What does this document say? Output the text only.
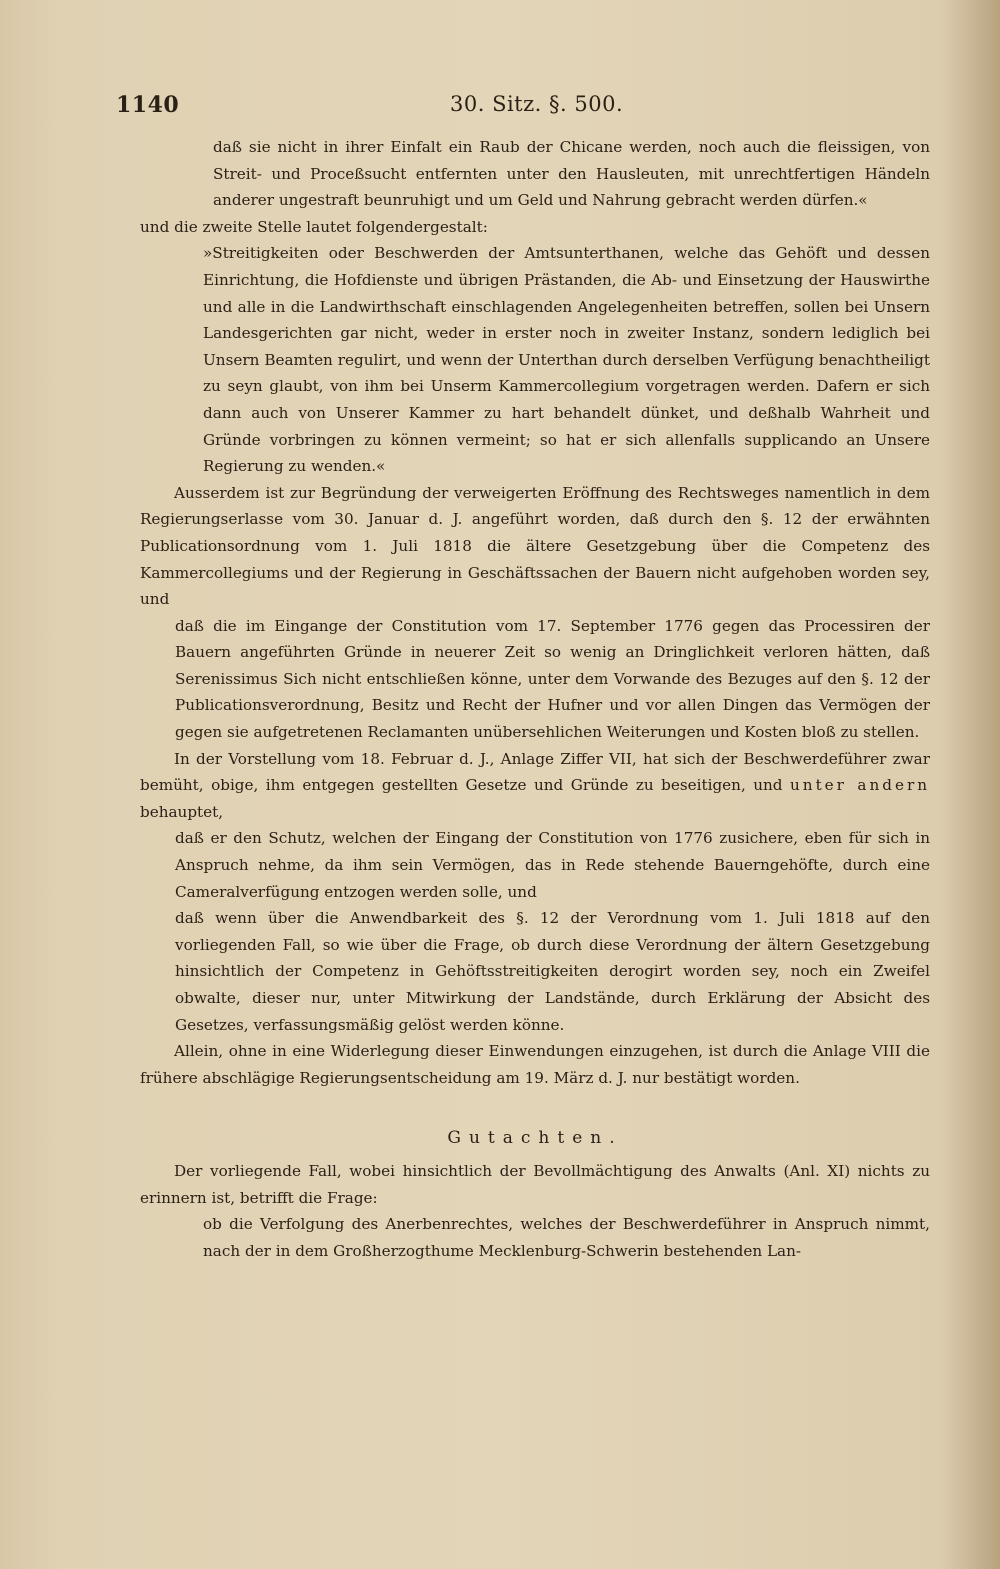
1140	30. Sitz. §. 500.

daß sie nicht in ihrer Einfalt ein Raub der Chicane werden, noch auch die fleissigen, von Streit- und Proceßsucht entfernten unter den Hausleuten, mit unrechtfertigen Händeln anderer ungestraft beunruhigt und um Geld und Nahrung gebracht werden dürfen.«

und die zweite Stelle lautet folgendergestalt:

»Streitigkeiten oder Beschwerden der Amtsunterthanen, welche das Gehöft und dessen Einrichtung, die Hofdienste und übrigen Prästanden, die Ab- und Einsetzung der Hauswirthe und alle in die Landwirthschaft einschlagenden Angelegenheiten betreffen, sollen bei Unsern Landesgerichten gar nicht, weder in erster noch in zweiter Instanz, sondern lediglich bei Unsern Beamten regulirt, und wenn der Unterthan durch derselben Verfügung benachtheiligt zu seyn glaubt, von ihm bei Unserm Kammercollegium vorgetragen werden. Dafern er sich dann auch von Unserer Kammer zu hart behandelt dünket, und deßhalb Wahrheit und Gründe vorbringen zu können vermeint; so hat er sich allenfalls supplicando an Unsere Regierung zu wenden.«

Ausserdem ist zur Begründung der verweigerten Eröffnung des Rechtsweges namentlich in dem Regierungserlasse vom 30. Januar d. J. angeführt worden, daß durch den §. 12 der erwähnten Publicationsordnung vom 1. Juli 1818 die ältere Gesetzgebung über die Competenz des Kammercollegiums und der Regierung in Geschäftssachen der Bauern nicht aufgehoben worden sey, und

daß die im Eingange der Constitution vom 17. September 1776 gegen das Processiren der Bauern angeführten Gründe in neuerer Zeit so wenig an Dringlichkeit verloren hätten, daß Serenissimus Sich nicht entschließen könne, unter dem Vorwande des Bezuges auf den §. 12 der Publicationsverordnung, Besitz und Recht der Hufner und vor allen Dingen das Vermögen der gegen sie aufgetretenen Reclamanten unübersehlichen Weiterungen und Kosten bloß zu stellen.

In der Vorstellung vom 18. Februar d. J., Anlage Ziffer VII, hat sich der Beschwerdeführer zwar bemüht, obige, ihm entgegen gestellten Gesetze und Gründe zu beseitigen, und unter andern behauptet,

daß er den Schutz, welchen der Eingang der Constitution von 1776 zusichere, eben für sich in Anspruch nehme, da ihm sein Vermögen, das in Rede stehende Bauerngehöfte, durch eine Cameralverfügung entzogen werden solle, und

daß wenn über die Anwendbarkeit des §. 12 der Verordnung vom 1. Juli 1818 auf den vorliegenden Fall, so wie über die Frage, ob durch diese Verordnung der ältern Gesetzgebung hinsichtlich der Competenz in Gehöftsstreitigkeiten derogirt worden sey, noch ein Zweifel obwalte, dieser nur, unter Mitwirkung der Landstände, durch Erklärung der Absicht des Gesetzes, verfassungsmäßig gelöst werden könne.

Allein, ohne in eine Widerlegung dieser Einwendungen einzugehen, ist durch die Anlage VIII die frühere abschlägige Regierungsentscheidung am 19. März d. J. nur bestätigt worden.

Gutachten.

Der vorliegende Fall, wobei hinsichtlich der Bevollmächtigung des Anwalts (Anl. XI) nichts zu erinnern ist, betrifft die Frage:

ob die Verfolgung des Anerbenrechtes, welches der Beschwerdeführer in Anspruch nimmt, nach der in dem Großherzogthume Mecklenburg-Schwerin bestehenden Lan-
